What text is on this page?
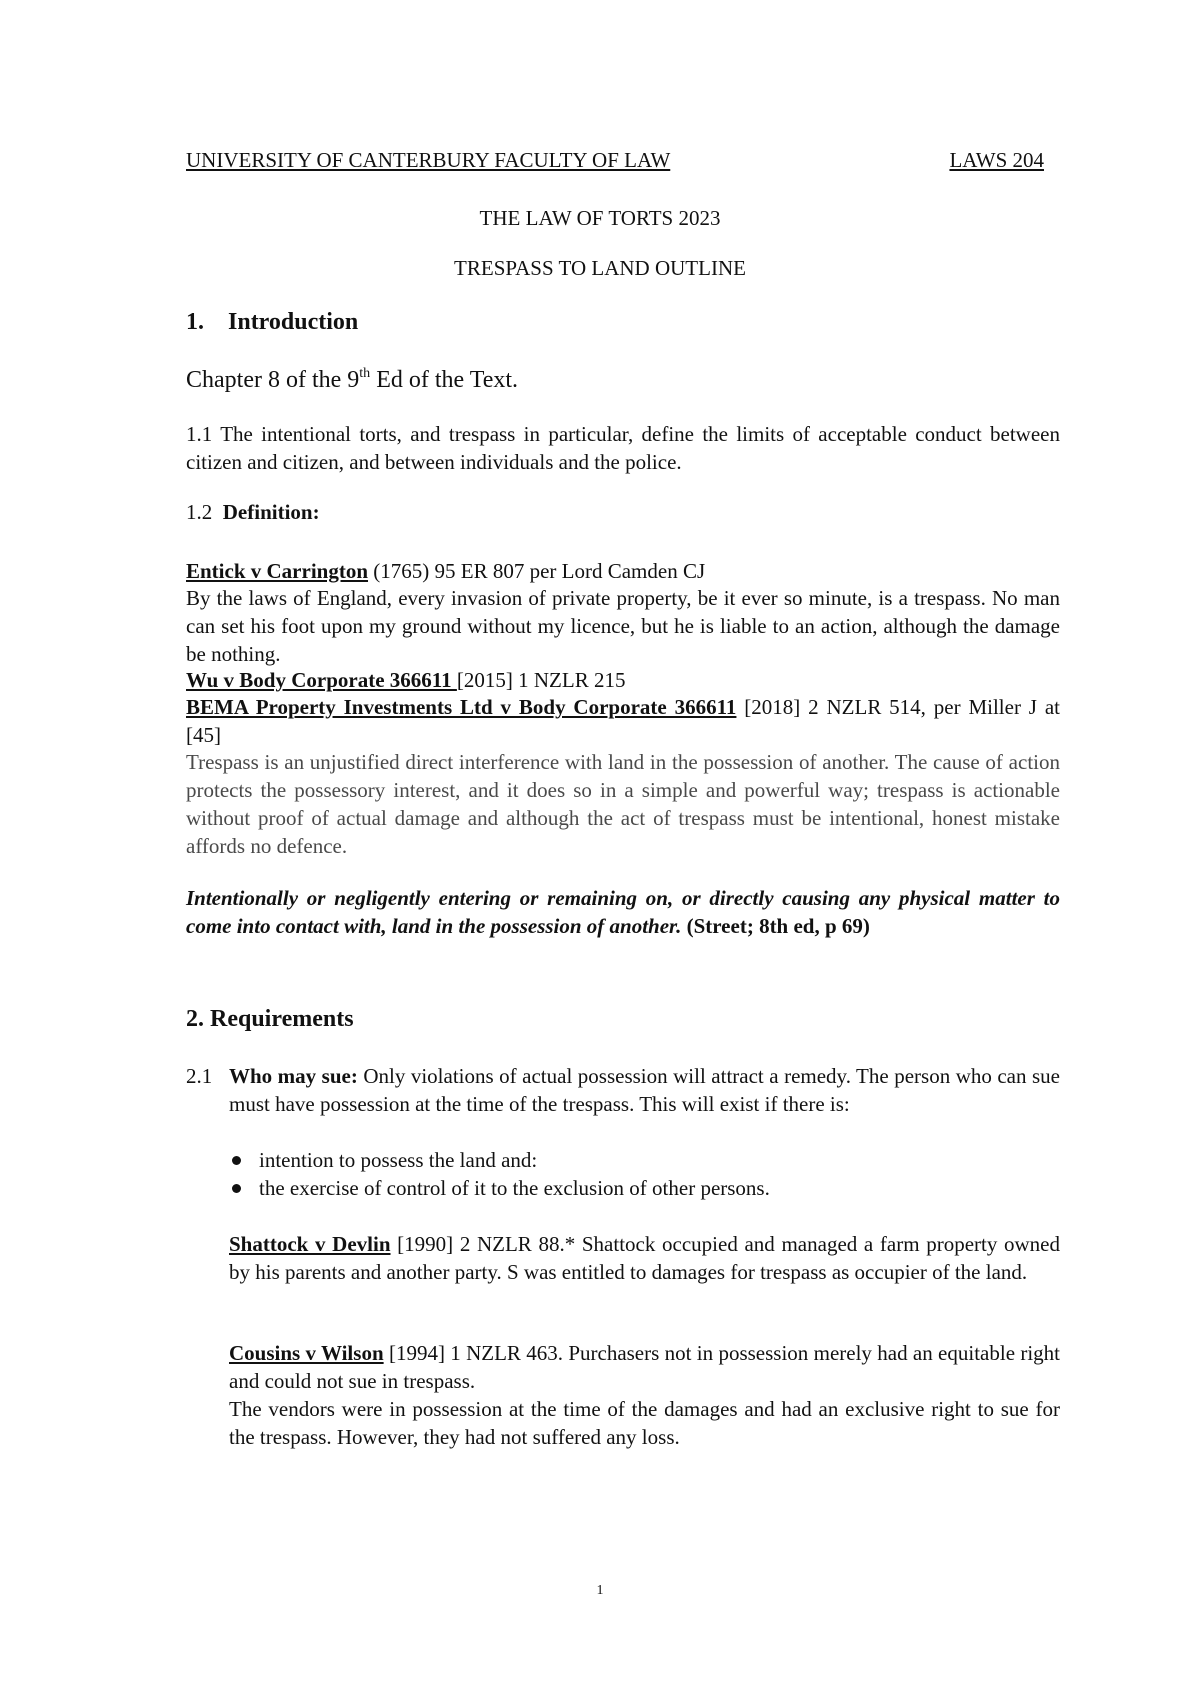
UNIVERSITY OF CANTERBURY FACULTY OF LAW	LAWS 204
THE LAW OF TORTS 2023
TRESPASS TO LAND OUTLINE
1. Introduction
Chapter 8 of the 9th Ed of the Text.
1.1 The intentional torts, and trespass in particular, define the limits of acceptable conduct between citizen and citizen, and between individuals and the police.
1.2 Definition:
Entick v Carrington (1765) 95 ER 807 per Lord Camden CJ
By the laws of England, every invasion of private property, be it ever so minute, is a trespass. No man can set his foot upon my ground without my licence, but he is liable to an action, although the damage be nothing.
Wu v Body Corporate 366611 [2015] 1 NZLR 215
BEMA Property Investments Ltd v Body Corporate 366611 [2018] 2 NZLR 514, per Miller J at [45]
Trespass is an unjustified direct interference with land in the possession of another. The cause of action protects the possessory interest, and it does so in a simple and powerful way; trespass is actionable without proof of actual damage and although the act of trespass must be intentional, honest mistake affords no defence.
Intentionally or negligently entering or remaining on, or directly causing any physical matter to come into contact with, land in the possession of another. (Street; 8th ed, p 69)
2. Requirements
2.1 Who may sue: Only violations of actual possession will attract a remedy. The person who can sue must have possession at the time of the trespass. This will exist if there is:
intention to possess the land and:
the exercise of control of it to the exclusion of other persons.
Shattock v Devlin [1990] 2 NZLR 88.* Shattock occupied and managed a farm property owned by his parents and another party. S was entitled to damages for trespass as occupier of the land.
Cousins v Wilson [1994] 1 NZLR 463. Purchasers not in possession merely had an equitable right and could not sue in trespass.
The vendors were in possession at the time of the damages and had an exclusive right to sue for the trespass. However, they had not suffered any loss.
1
